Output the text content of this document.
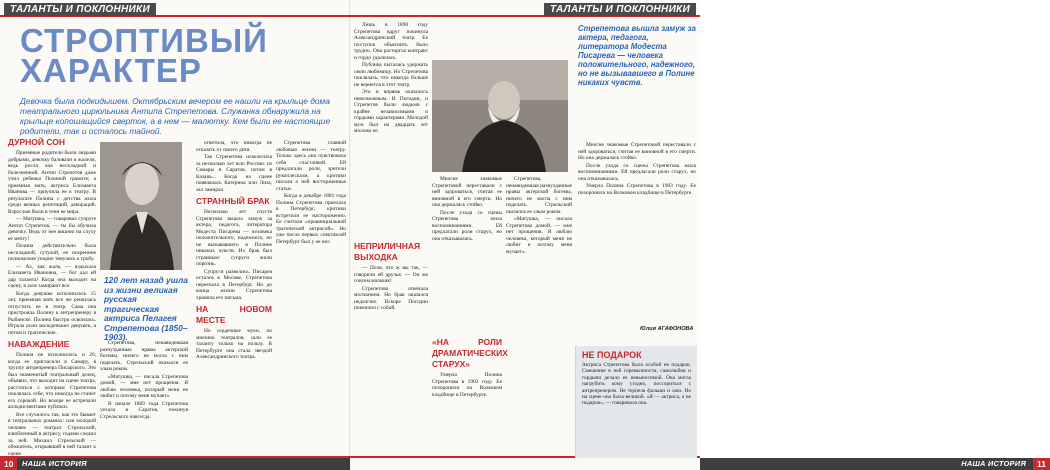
ТАЛАНТЫ И ПОКЛОННИКИ
СТРОПТИВЫЙ
ХАРАКТЕР
Девочка была подкидышем. Октябрьским вечером ее нашли на крыльце дома театрального цирюльника Антипа Стрепетова. Служанка обнаружила на крыльце копошащийся сверток, а в нем — малютку. Кем были ее настоящие родители, так и осталось тайной.
ДУРНОЙ СОН

Приемные родители были людьми добрыми, девочку баловали и жалели, ведь росла она нескладной и болезненной. Антип Стрепетов даже учил ребенка Полиной грамоте; а приемная мать, актриса Елизавета Иванова — приучила ее к театру. В результате Полина с детства жила среди вечных репетиций, декораций. Взрослые были в тени ее мира.

— Матушка, — говаривал супруге Антип Стрепетов, — ты бы обучила девочку. Ведь от нее вишню на слуху ее мечту!

Полина действительно была нескладной, сутулой, ее искренние полномочия упорно тянулись к гробу.

— Ах, как жаль, — вздыхала Елизавета Ивановна, — бог дал ей дар таланта! Когда она выходит на сцену, в зале замирают все.

Когда девушке исполнилось 15 лет, приемная мать все же решилась отпустить ее в театр. Сама она пристроила Полину к антрепренеру в Рыбинске. Полина быстро освоилась. Играла роли молоденьких девушек, а потом и трагические.

НАВАЖДЕНИЕ

Полина не исполнилось и 20, когда ее пригласили в Самару, в труппу антрепренера Писарского. Это был знаменитый театральный делец, объявил, что выходит на сцене театра, расстаться с которым Стрепетова поклялась себе, что никогда не станет его сорокой. Но вскоре ее встречали аплодисментами публики.

Все случилось так, как это бывает в театральных романах: или молодой человек — театрал Стрельский, влюбленный в актрису, годами следил за ней. Михаил Стрельский — обожатель, открывший в ней талант к сцене.

120 лет назад ушла из жизни великая русская трагическая актриса Пелагея Стрепетова (1850–1903).

Стрепетова, ненавидевшая разнузданные нравы актерской богемы, ничего не могла с ним поделать. Стрельский оказался ее злым роком.

«Матушка, — писала Стрепетова домой, — мне нет прощения. Я люблю человека, который меня не любит и потому меня мучает».

В начале 1869 года Стрепетова уехала в Саратов, покинув Стрельского навсегда.

ответила, что никогда не отказать от своего дитя.

Так Стрепетова исколесила за несколько лет всю Россию: из Самары в Саратов, потом в Казань... Когда на сцене появлялась Катерина или Лиза, зал замирал.

СТРАННЫЙ БРАК

Несколько лет спустя Стрепетова вышла замуж за актера, педагога, литератора Модеста Писарева — человека положительного, надежного, но не вызывавшего в Полине никаких чувств. Их брак был странным: супруги жили порознь.

Супруги развелись. Писарев остался в Москве, Стрепетова переехала в Петербург. Но до конца жизни Стрепетова хранила его письма.

НА НОВОМ МЕСТЕ

Но сердечные муки, по мнению театралов, шли ее таланту только на пользу. В Петербурге она стала звездой Александринского театра.

Стрепетова главной любовью жизни — театру. Только здесь она чувствовала себя счастливой. Ей предлагали роли, зрители рукоплескали, а критики писали о ней восторженные статьи.

Когда в декабре 1881 года Полина Стрепетова приехала в Петербург, критики встретили ее настороженно. Ее считали «провинциальной трагической актрисой». Но уже после первых спектаклей Петербург был у ее ног.

10	НАША ИСТОРИЯ
ТАЛАНТЫ И ПОКЛОННИКИ

Лишь в 1890 году Стрепетова вдруг покинула Александринский театр. Ее поступок объяснить было трудно. Она расторгла контракт и гордо удалилась.

Публика пыталась удержать свою любимицу. Но Стрепетова поклялась, что никогда больше не вернется в этот театр.

Это и впрямь оказалось невозможным. И Погодин, и Стрепетов были людьми с крайне независимыми и гордыми характерами. Молодой муж был на двадцать лет моложе ее.

НЕПРИЛИЧНАЯ ВЫХОДКА

— Поля, что ж вы так, — говорили ей друзья. — Он же совсем мальчик!

Стрепетова отвечала молчанием. Но брак оказался недолгим. Вскоре Погодин покончил с собой.

Многие знакомые Стрепетовой переставали с ней здороваться, считая ее виновной в его смерти. Но она держалась стойко.

После ухода со сцены Стрепетова жила воспоминаниями. Ей предлагали роли старух, но она отказывалась.

«НА РОЛИ ДРАМАТИЧЕСКИХ СТАРУХ»

Умерла Полина Стрепетова в 1903 году. Ее похоронили на Волковом кладбище в Петербурге.

Стрепетова, ненавидевшая разнузданные нравы актерской богемы, ничего не могла с ним поделать. Стрельский оказался ее злым роком.

«Матушка, — писала Стрепетова домой, — мне нет прощения. Я люблю человека, который меня не любит и потому меня мучает».

Стрепетова вышла замуж за актера, педагога, литератора Модеста Писарева — человека положительного, надежного, но не вызывавшего в Полине никаких чувств.

Многие знакомые Стрепетовой переставали с ней здороваться, считая ее виновной в его смерти. Но она держалась стойко.

После ухода со сцены Стрепетова жила воспоминаниями. Ей предлагали роли старух, но она отказывалась.

Умерла Полина Стрепетова в 1903 году. Ее похоронили на Волковом кладбище в Петербурге.

Юлия АГАФОНОВА
НАША ИСТОРИЯ	11
НЕ ПОДАРОК
Актриса Стрепетова была особой не подарок. Смешение в ней горемычности, самолюбия и гордыни делало ее невыносимой. Она могла нагрубить кому угодно, поссориться с антрепренером. Не терпела фальши и лжи. Но на сцене она была великой. «Я — актриса, а не подарок», — говаривала она.
